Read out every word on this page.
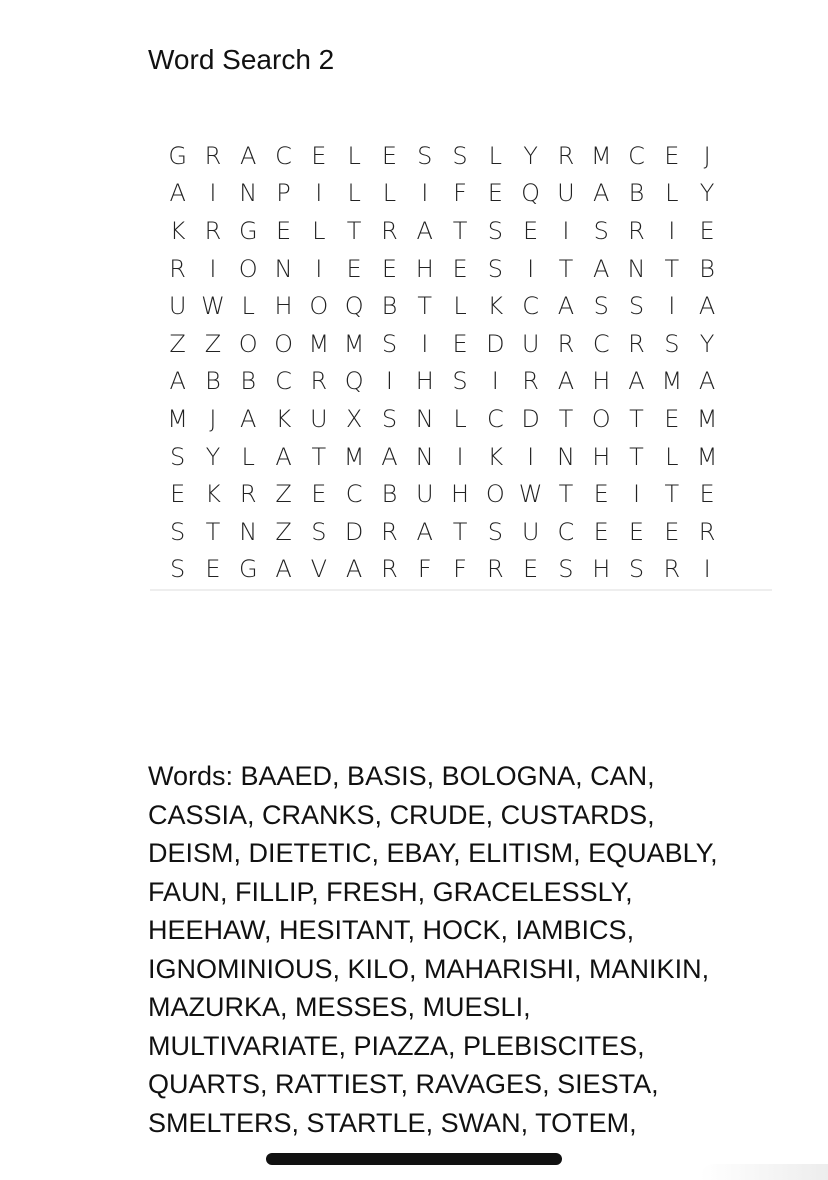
Word Search 2
G R A C E L E S S L Y R M C E	J
A I N P	I	L L	I	F E Q U A B L Y
K R G E L T R A T S E	I	S R I	E
R I O N I	E E H E S	I	T A N T B
U W L H O Q B T L K C A S S	I A
Z Z O O M M S	I	E D U R C R S Y
A B B C R Q I H S	I R A H A M A
M J A K U X S N L C D T O T E M
S Y L A T M A N I K I N H T L M
E K R Z E C B U H O W T E	I	T E
S T N Z S D R A T S U C E E E R
S E G A V A R F F R E S H S R I
Words: BAAED, BASIS, BOLOGNA, CAN,
CASSIA, CRANKS, CRUDE, CUSTARDS,
DEISM, DIETETIC, EBAY, ELITISM, EQUABLY,
FAUN, FILLIP, FRESH, GRACELESSLY,
HEEHAW, HESITANT, HOCK, IAMBICS,
IGNOMINIOUS, KILO, MAHARISHI, MANIKIN,
MAZURKA, MESSES, MUESLI,
MULTIVARIATE, PIAZZA, PLEBISCITES,
QUARTS, RATTIEST, RAVAGES, SIESTA,
SMELTERS, STARTLE, SWAN, TOTEM,
